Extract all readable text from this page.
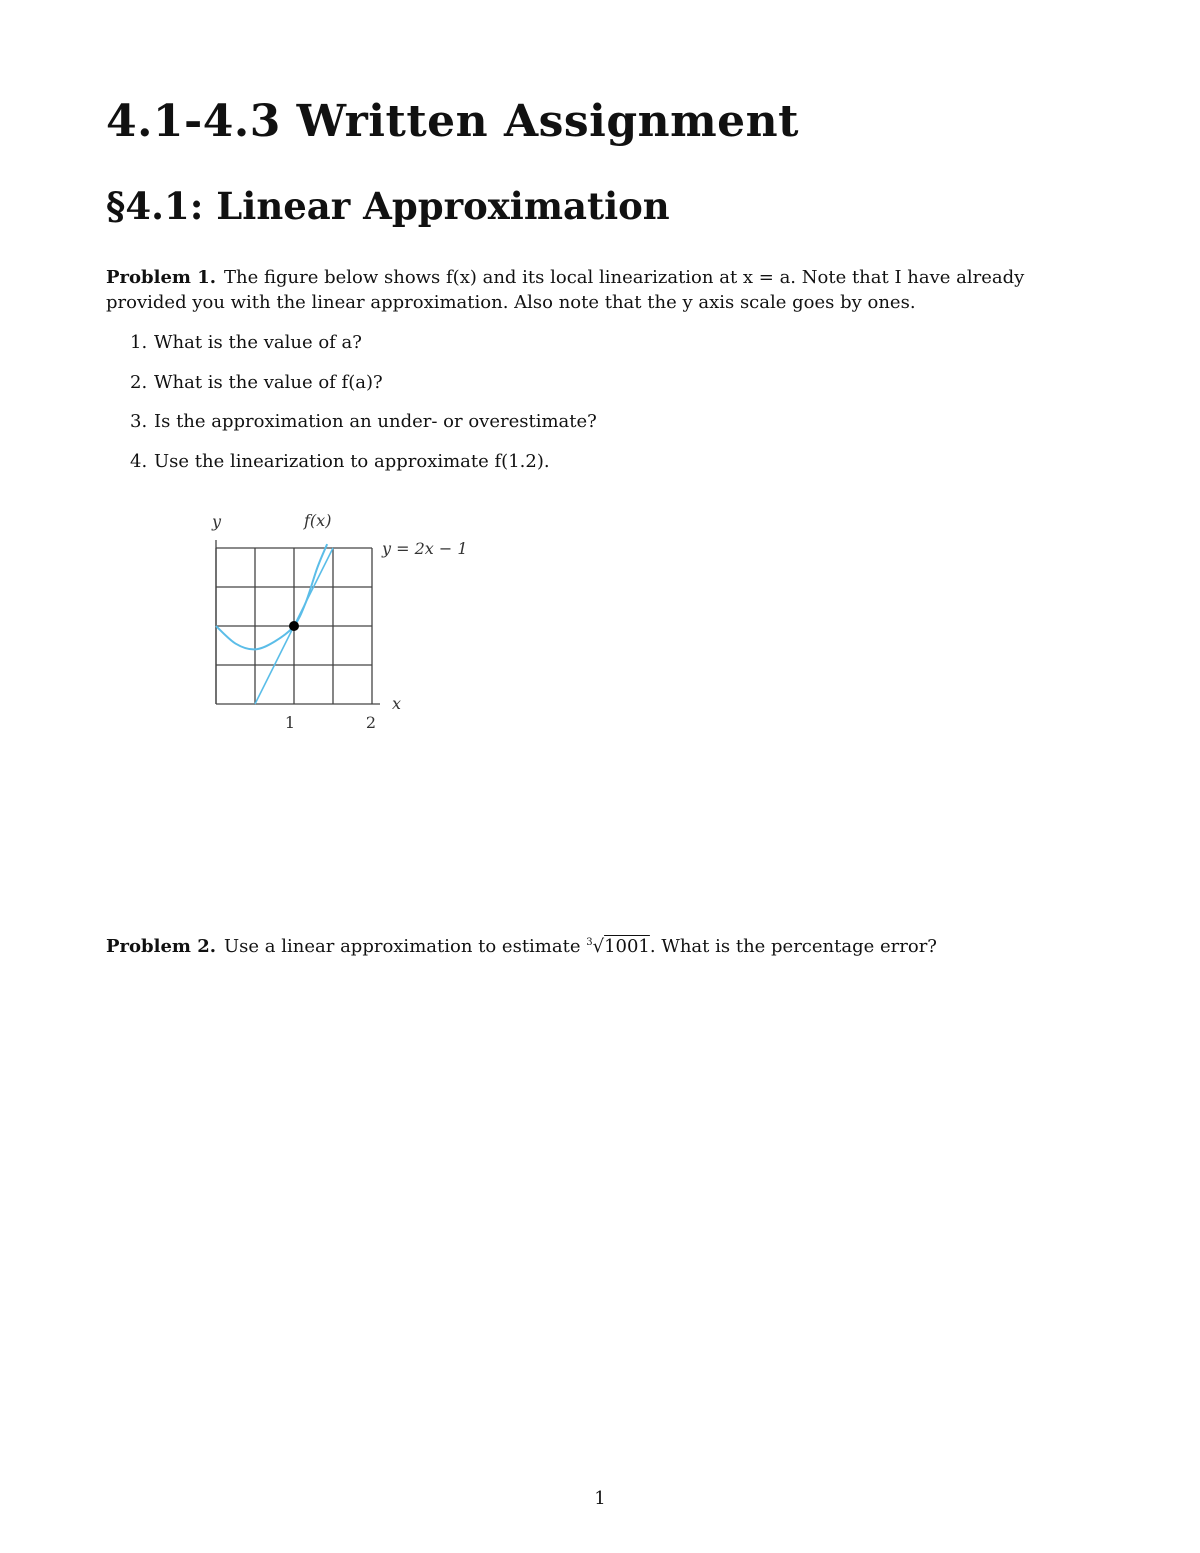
4.1-4.3 Written Assignment
§4.1: Linear Approximation

Problem 1. The figure below shows f(x) and its local linearization at x = a. Note that I have already provided you with the linear approximation. Also note that the y axis scale goes by ones.

1. What is the value of a?
2. What is the value of f(a)?
3. Is the approximation an under- or overestimate?
4. Use the linearization to approximate f(1.2).
y	f(x)
y = 2x − 1
x
1	2

Problem 2. Use a linear approximation to estimate $^3$√1001. What is the percentage error?

1
